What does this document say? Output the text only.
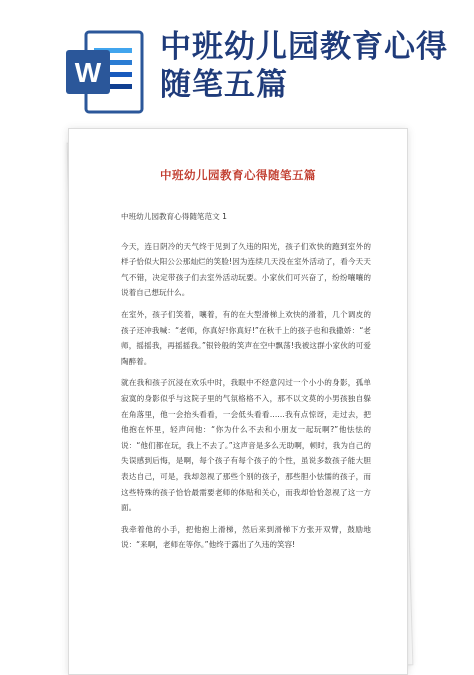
W
中班幼儿园教育心得随笔五篇
中班幼儿园教育心得随笔五篇

中班幼儿园教育心得随笔范文 1

今天，连日阴冷的天气终于见到了久违的阳光，孩子们欢快的跑到室外的样子恰似大阳公公那灿烂的笑脸!因为连续几天没在室外活动了，看今天天气不错，决定带孩子们去室外活动玩要。小家伙们可兴奋了，纷纷嚷嚷的说着自己想玩什么。

在室外，孩子们笑着，嚷着，有的在大型滑梯上欢快的滑着，几个调皮的孩子还冲我喊：“老师，你真好!你真好!”在秋千上的孩子也和我撒娇：“老师，摇摇我，再摇摇我。”银铃般的笑声在空中飘荡!我被这群小家伙的可爱陶醉着。

就在我和孩子沉浸在欢乐中时，我眼中不经意闪过一个小小的身影，孤单寂寞的身影似乎与这院子里的气氛格格不入，那不以文莫的小男孩独自躲在角落里，他一会抬头看看，一会低头看看……我有点惊讶，走过去，把他抱在怀里，轻声问他：“你为什么不去和小朋友一起玩啊?”他怯怯的说：“他们都在玩，我上不去了。”这声音是多么无助啊，顿时，我为自己的失误感到后悔，是啊，每个孩子有每个孩子的个性，虽说多数孩子能大胆表达自己，可是，我却忽视了那些个别的孩子，那些胆小怯懦的孩子，而这些特殊的孩子恰恰最需要老师的体贴和关心，而我却恰恰忽视了这一方面。

我牵着他的小手，把他抱上滑梯，然后来到滑梯下方张开双臂，鼓励地说：“来啊，老师在等你。”他终于露出了久违的笑容!
